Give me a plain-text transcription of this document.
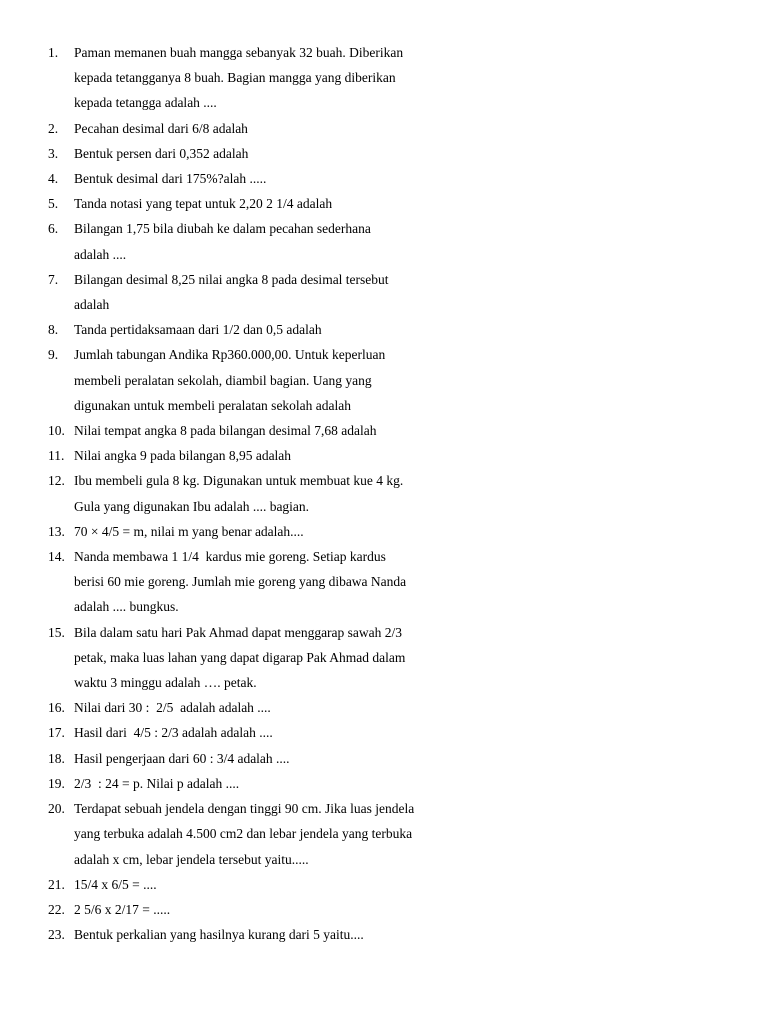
1.	Paman memanen buah mangga sebanyak 32 buah. Diberikan
kepada tetangganya 8 buah. Bagian mangga yang diberikan
kepada tetangga adalah ....
2.	Pecahan desimal dari 6/8 adalah
3.	Bentuk persen dari 0,352 adalah
4.	Bentuk desimal dari 175%?alah .....
5.	Tanda notasi yang tepat untuk 2,20 2 1/4 adalah
6.	Bilangan 1,75 bila diubah ke dalam pecahan sederhana
adalah ....
7.	Bilangan desimal 8,25 nilai angka 8 pada desimal tersebut
adalah
8.	Tanda pertidaksamaan dari 1/2 dan 0,5 adalah
9.	Jumlah tabungan Andika Rp360.000,00. Untuk keperluan
membeli peralatan sekolah, diambil bagian. Uang yang
digunakan untuk membeli peralatan sekolah adalah
10. Nilai tempat angka 8 pada bilangan desimal 7,68 adalah
11. Nilai angka 9 pada bilangan 8,95 adalah
12. Ibu membeli gula 8 kg. Digunakan untuk membuat kue 4 kg.
Gula yang digunakan Ibu adalah .... bagian.
13. 70 × 4/5 = m, nilai m yang benar adalah....
14. Nanda membawa 1 1/4  kardus mie goreng. Setiap kardus
berisi 60 mie goreng. Jumlah mie goreng yang dibawa Nanda
adalah .... bungkus.
15. Bila dalam satu hari Pak Ahmad dapat menggarap sawah 2/3
petak, maka luas lahan yang dapat digarap Pak Ahmad dalam
waktu 3 minggu adalah …. petak.
16. Nilai dari 30 :  2/5  adalah adalah ....
17. Hasil dari  4/5 : 2/3 adalah adalah ....
18. Hasil pengerjaan dari 60 : 3/4 adalah ....
19. 2/3  : 24 = p. Nilai p adalah ....
20. Terdapat sebuah jendela dengan tinggi 90 cm. Jika luas jendela
yang terbuka adalah 4.500 cm2 dan lebar jendela yang terbuka
adalah x cm, lebar jendela tersebut yaitu.....
21. 15/4 x 6/5 = ....
22. 2 5/6 x 2/17 = .....
23. Bentuk perkalian yang hasilnya kurang dari 5 yaitu....
